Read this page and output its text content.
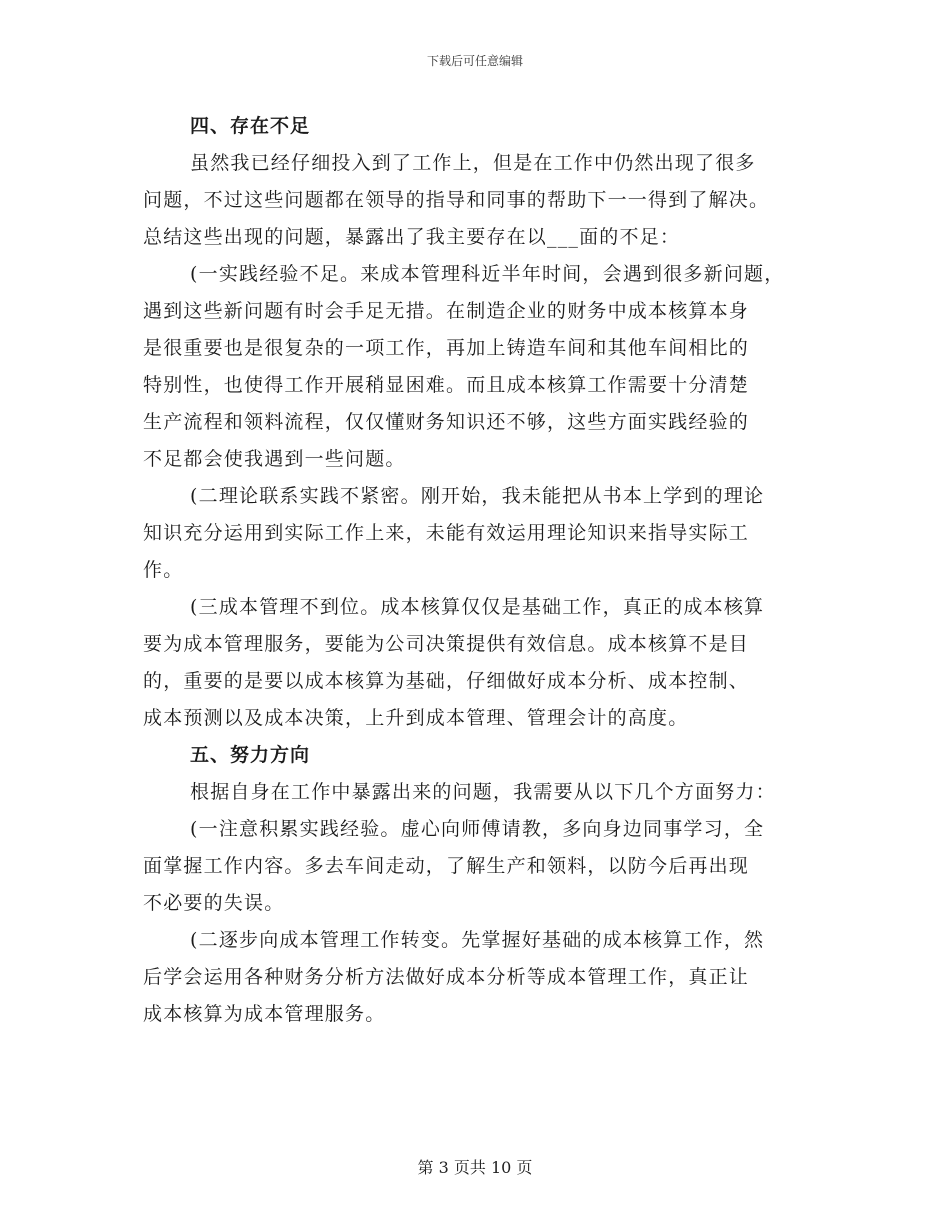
下载后可任意编辑
四、存在不足
虽然我已经仔细投入到了工作上，但是在工作中仍然出现了很多
问题，不过这些问题都在领导的指导和同事的帮助下一一得到了解决。
总结这些出现的问题，暴露出了我主要存在以___面的不足：
(一实践经验不足。来成本管理科近半年时间，会遇到很多新问题，
遇到这些新问题有时会手足无措。在制造企业的财务中成本核算本身
是很重要也是很复杂的一项工作，再加上铸造车间和其他车间相比的
特别性，也使得工作开展稍显困难。而且成本核算工作需要十分清楚
生产流程和领料流程，仅仅懂财务知识还不够，这些方面实践经验的
不足都会使我遇到一些问题。
(二理论联系实践不紧密。刚开始，我未能把从书本上学到的理论
知识充分运用到实际工作上来，未能有效运用理论知识来指导实际工
作。
(三成本管理不到位。成本核算仅仅是基础工作，真正的成本核算
要为成本管理服务，要能为公司决策提供有效信息。成本核算不是目
的，重要的是要以成本核算为基础，仔细做好成本分析、成本控制、
成本预测以及成本决策，上升到成本管理、管理会计的高度。
五、努力方向
根据自身在工作中暴露出来的问题，我需要从以下几个方面努力：
(一注意积累实践经验。虚心向师傅请教，多向身边同事学习，全
面掌握工作内容。多去车间走动，了解生产和领料，以防今后再出现
不必要的失误。
(二逐步向成本管理工作转变。先掌握好基础的成本核算工作，然
后学会运用各种财务分析方法做好成本分析等成本管理工作，真正让
成本核算为成本管理服务。
第 3 页共 10 页
